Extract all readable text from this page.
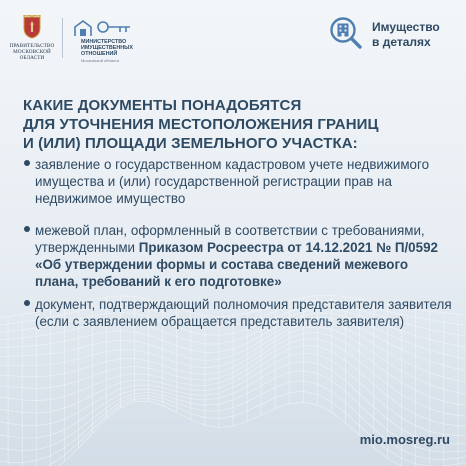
ПРАВИТЕЛЬСТВО
МОСКОВСКОЙ
ОБЛАСТИ
МИНИСТЕРСТВО
ИМУЩЕСТВЕННЫХ
ОТНОШЕНИЙ
Московской области
Имущество
в деталях
КАКИЕ ДОКУМЕНТЫ ПОНАДОБЯТСЯ
ДЛЯ УТОЧНЕНИЯ МЕСТОПОЛОЖЕНИЯ ГРАНИЦ
И (ИЛИ) ПЛОЩАДИ ЗЕМЕЛЬНОГО УЧАСТКА:
заявление о государственном кадастровом учете недвижимого имущества и (или) государственной регистрации прав на недвижимое имущество
межевой план, оформленный в соответствии с требованиями, утвержденными Приказом Росреестра от 14.12.2021 № П/0592 «Об утверждении формы и состава сведений межевого плана, требований к его подготовке»
документ, подтверждающий полномочия представителя заявителя (если с заявлением обращается представитель заявителя)
mio.mosreg.ru
